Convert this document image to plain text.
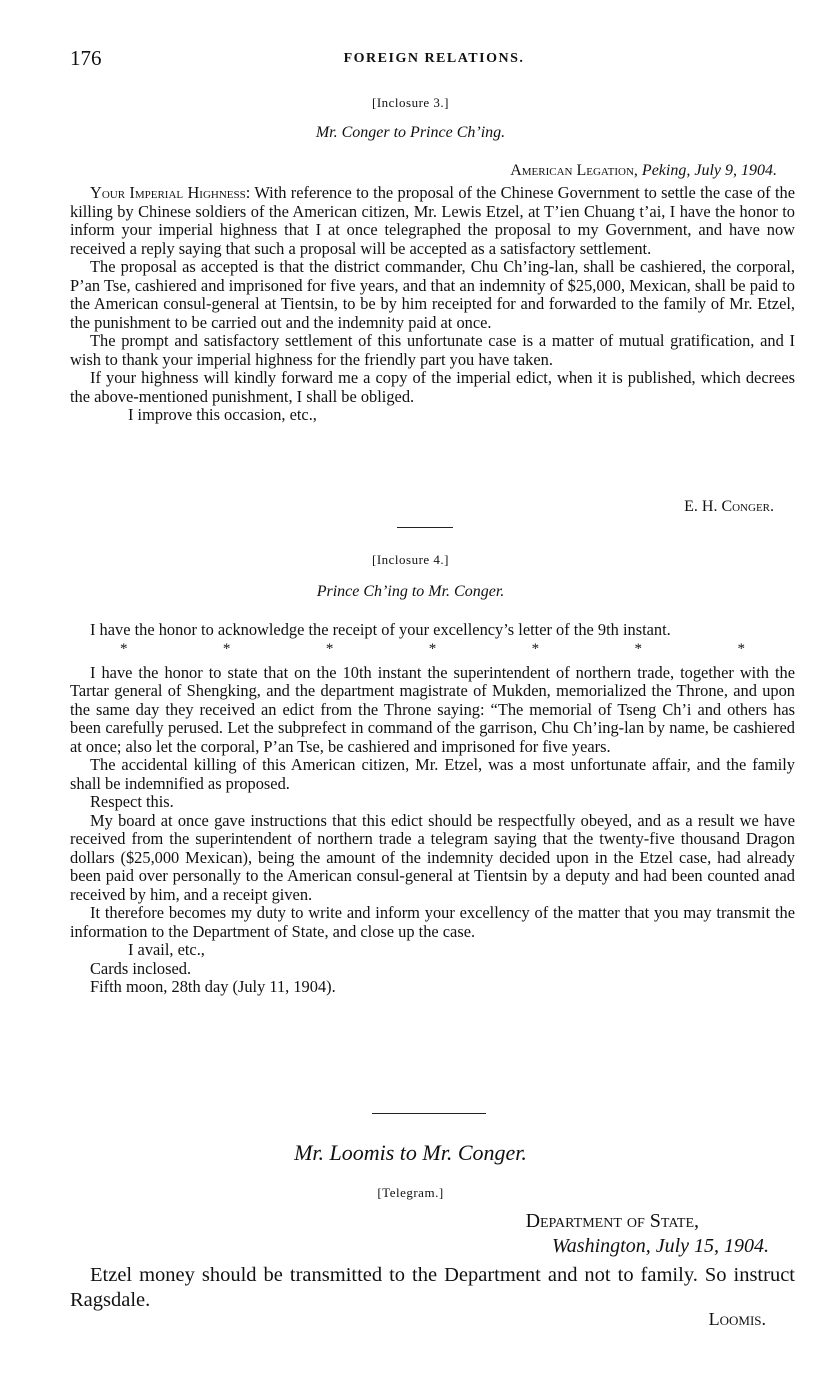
176	FOREIGN RELATIONS.
[Inclosure 3.]
Mr. Conger to Prince Ch’ing.
American Legation, Peking, July 9, 1904.

Your Imperial Highness: With reference to the proposal of the Chinese Government to settle the case of the killing by Chinese soldiers of the American citizen, Mr. Lewis Etzel, at T’ien Chuang t’ai, I have the honor to inform your imperial highness that I at once telegraphed the proposal to my Government, and have now received a reply saying that such a proposal will be accepted as a satisfactory settlement.

The proposal as accepted is that the district commander, Chu Ch’ing-lan, shall be cashiered, the corporal, P’an Tse, cashiered and imprisoned for five years, and that an indemnity of $25,000, Mexican, shall be paid to the American consul-general at Tientsin, to be by him receipted for and forwarded to the family of Mr. Etzel, the punishment to be carried out and the indemnity paid at once.

The prompt and satisfactory settlement of this unfortunate case is a matter of mutual gratification, and I wish to thank your imperial highness for the friendly part you have taken.

If your highness will kindly forward me a copy of the imperial edict, when it is published, which decrees the above-mentioned punishment, I shall be obliged.

I improve this occasion, etc.,

E. H. Conger.
[Inclosure 4.]
Prince Ch’ing to Mr. Conger.

I have the honor to acknowledge the receipt of your excellency’s letter of the 9th instant.

*	*	*	*	*	*	*

I have the honor to state that on the 10th instant the superintendent of northern trade, together with the Tartar general of Shengking, and the department magistrate of Mukden, memorialized the Throne, and upon the same day they received an edict from the Throne saying: “The memorial of Tseng Ch’i and others has been carefully perused. Let the subprefect in command of the garrison, Chu Ch’ing-lan by name, be cashiered at once; also let the corporal, P’an Tse, be cashiered and imprisoned for five years.

The accidental killing of this American citizen, Mr. Etzel, was a most unfortunate affair, and the family shall be indemnified as proposed.

Respect this.

My board at once gave instructions that this edict should be respectfully obeyed, and as a result we have received from the superintendent of northern trade a telegram saying that the twenty-five thousand Dragon dollars ($25,000 Mexican), being the amount of the indemnity decided upon in the Etzel case, had already been paid over personally to the American consul-general at Tientsin by a deputy and had been counted anad received by him, and a receipt given.

It therefore becomes my duty to write and inform your excellency of the matter that you may transmit the information to the Department of State, and close up the case.

I avail, etc.,

Cards inclosed.

Fifth moon, 28th day (July 11, 1904).

Mr. Loomis to Mr. Conger.
[Telegram.]
Department of State,
Washington, July 15, 1904.

Etzel money should be transmitted to the Department and not to family. So instruct Ragsdale.

Loomis.
